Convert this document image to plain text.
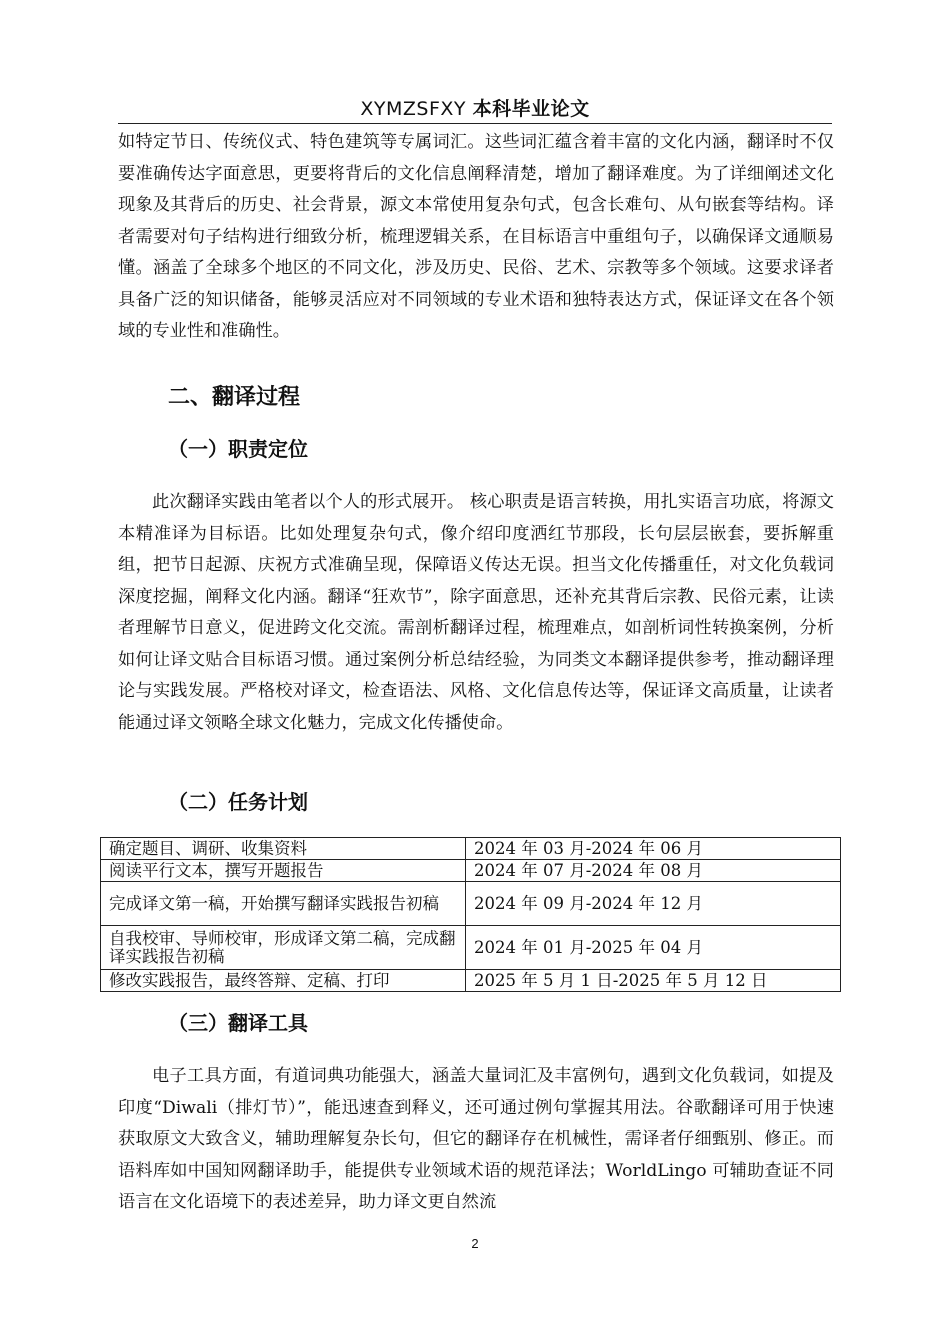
XYMZSFXY 本科毕业论文

如特定节日、传统仪式、特色建筑等专属词汇。这些词汇蕴含着丰富的文化内涵，翻译时不仅要准确传达字面意思，更要将背后的文化信息阐释清楚，增加了翻译难度。为了详细阐述文化现象及其背后的历史、社会背景，源文本常使用复杂句式，包含长难句、从句嵌套等结构。译者需要对句子结构进行细致分析，梳理逻辑关系，在目标语言中重组句子，以确保译文通顺易懂。涵盖了全球多个地区的不同文化，涉及历史、民俗、艺术、宗教等多个领域。这要求译者具备广泛的知识储备，能够灵活应对不同领域的专业术语和独特表达方式，保证译文在各个领域的专业性和准确性。

二、翻译过程
（一）职责定位

此次翻译实践由笔者以个人的形式展开。 核心职责是语言转换，用扎实语言功底，将源文本精准译为目标语。比如处理复杂句式，像介绍印度洒红节那段，长句层层嵌套，要拆解重组，把节日起源、庆祝方式准确呈现，保障语义传达无误。担当文化传播重任，对文化负载词深度挖掘，阐释文化内涵。翻译“狂欢节”，除字面意思，还补充其背后宗教、民俗元素，让读者理解节日意义，促进跨文化交流。需剖析翻译过程，梳理难点，如剖析词性转换案例，分析如何让译文贴合目标语习惯。通过案例分析总结经验，为同类文本翻译提供参考，推动翻译理论与实践发展。严格校对译文，检查语法、风格、文化信息传达等，保证译文高质量，让读者能通过译文领略全球文化魅力，完成文化传播使命。

（二）任务计划
确定题目、调研、收集资料	2024 年 03 月-2024 年 06 月
阅读平行文本，撰写开题报告	2024 年 07 月-2024 年 08 月
完成译文第一稿，开始撰写翻译实践报告初稿	2024 年 09 月-2024 年 12 月
自我校审、导师校审，形成译文第二稿，完成翻译实践报告初稿	2024 年 01 月-2025 年 04 月
修改实践报告，最终答辩、定稿、打印	2025 年 5 月 1 日-2025 年 5 月 12 日
（三）翻译工具

电子工具方面，有道词典功能强大，涵盖大量词汇及丰富例句，遇到文化负载词，如提及印度“Diwali（排灯节）”，能迅速查到释义，还可通过例句掌握其用法。谷歌翻译可用于快速获取原文大致含义，辅助理解复杂长句，但它的翻译存在机械性，需译者仔细甄别、修正。而语料库如中国知网翻译助手，能提供专业领域术语的规范译法；WorldLingo 可辅助查证不同语言在文化语境下的表述差异，助力译文更自然流

2
